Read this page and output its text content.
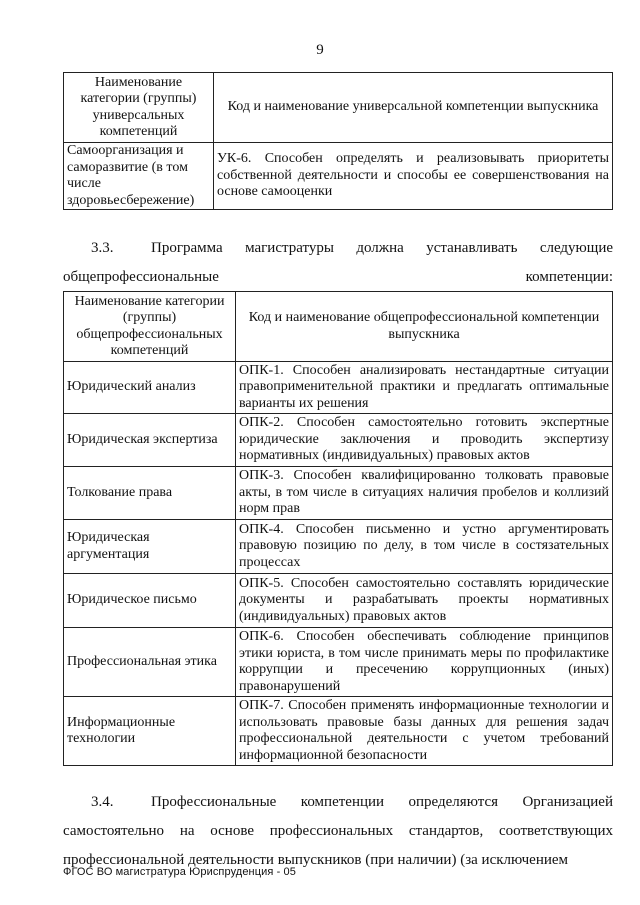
9
Наименование категории (группы) универсальных компетенций	Код и наименование универсальной компетенции выпускника
Самоорганизация и саморазвитие (в том числе здоровьесбережение)	УК-6. Способен определять и реализовывать приоритеты собственной деятельности и способы ее совершенствования на основе самооценки

3.3.	Программа магистратуры должна устанавливать следующие общепрофессиональные компетенции:

Наименование категории (группы) общепрофессиональных компетенций	Код и наименование общепрофессиональной компетенции выпускника
Юридический анализ	ОПК-1. Способен анализировать нестандартные ситуации правоприменительной практики и предлагать оптимальные варианты их решения
Юридическая экспертиза	ОПК-2. Способен самостоятельно готовить экспертные юридические заключения и проводить экспертизу нормативных (индивидуальных) правовых актов
Толкование права	ОПК-3. Способен квалифицированно толковать правовые акты, в том числе в ситуациях наличия пробелов и коллизий норм прав
Юридическая аргументация	ОПК-4. Способен письменно и устно аргументировать правовую позицию по делу, в том числе в состязательных процессах
Юридическое письмо	ОПК-5. Способен самостоятельно составлять юридические документы и разрабатывать проекты нормативных (индивидуальных) правовых актов
Профессиональная этика	ОПК-6. Способен обеспечивать соблюдение принципов этики юриста, в том числе принимать меры по профилактике коррупции и пресечению коррупционных (иных) правонарушений
Информационные технологии	ОПК-7. Способен применять информационные технологии и использовать правовые базы данных для решения задач профессиональной деятельности с учетом требований информационной безопасности

3.4.	Профессиональные компетенции определяются Организацией самостоятельно на основе профессиональных стандартов, соответствующих профессиональной деятельности выпускников (при наличии) (за исключением

ФГОС ВО магистратура Юриспруденция - 05
